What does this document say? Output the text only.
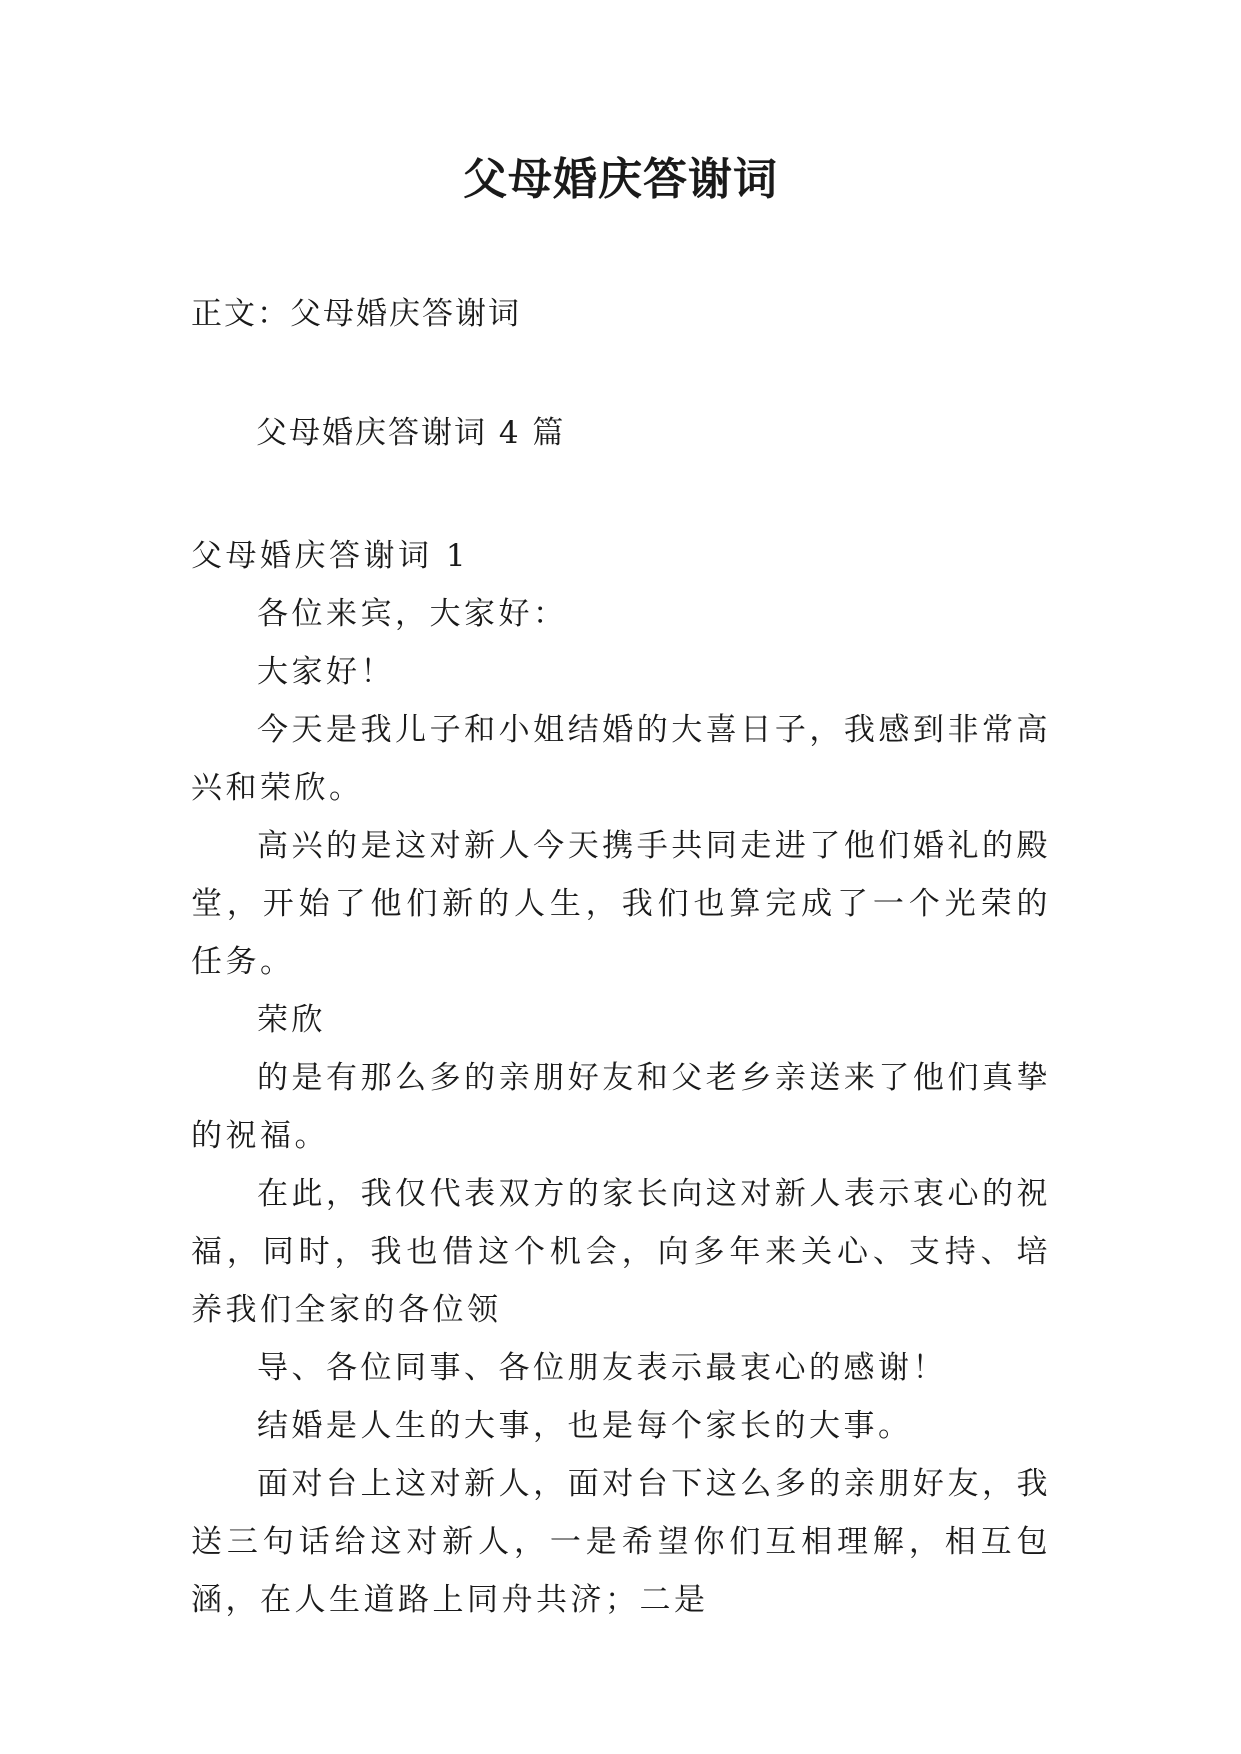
父母婚庆答谢词
正文：父母婚庆答谢词
父母婚庆答谢词 4 篇

父母婚庆答谢词 1

各位来宾，大家好：

大家好！

今天是我儿子和小姐结婚的大喜日子，我感到非常高兴和荣欣。

高兴的是这对新人今天携手共同走进了他们婚礼的殿堂，开始了他们新的人生，我们也算完成了一个光荣的任务。

荣欣

的是有那么多的亲朋好友和父老乡亲送来了他们真挚的祝福。

在此，我仅代表双方的家长向这对新人表示衷心的祝福，同时，我也借这个机会，向多年来关心、支持、培养我们全家的各位领

导、各位同事、各位朋友表示最衷心的感谢！

结婚是人生的大事，也是每个家长的大事。

面对台上这对新人，面对台下这么多的亲朋好友，我送三句话给这对新人，一是希望你们互相理解，相互包涵，在人生道路上同舟共济；二是
